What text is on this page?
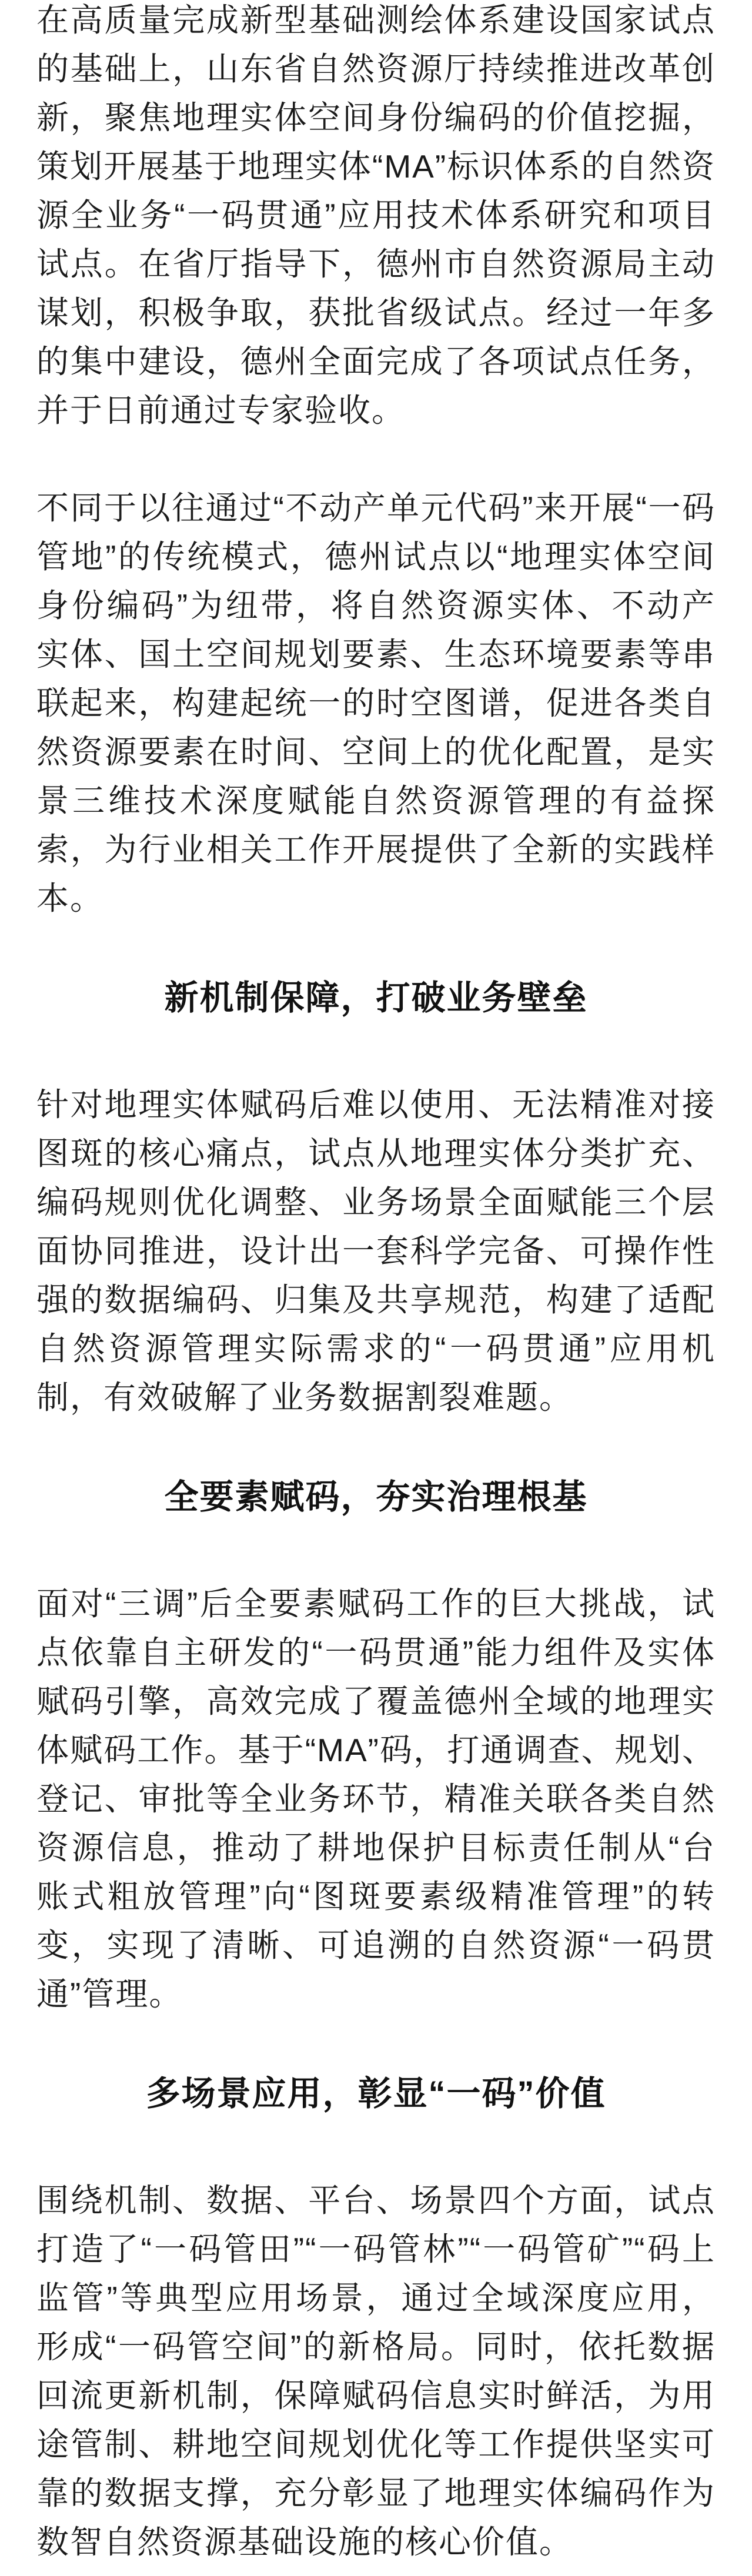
在高质量完成新型基础测绘体系建设国家试点的基础上，山东省自然资源厅持续推进改革创新，聚焦地理实体空间身份编码的价值挖掘，策划开展基于地理实体“MA”标识体系的自然资源全业务“一码贯通”应用技术体系研究和项目试点。在省厅指导下，德州市自然资源局主动谋划，积极争取，获批省级试点。经过一年多的集中建设，德州全面完成了各项试点任务，并于日前通过专家验收。

不同于以往通过“不动产单元代码”来开展“一码管地”的传统模式，德州试点以“地理实体空间身份编码”为纽带，将自然资源实体、不动产实体、国土空间规划要素、生态环境要素等串联起来，构建起统一的时空图谱，促进各类自然资源要素在时间、空间上的优化配置，是实景三维技术深度赋能自然资源管理的有益探索，为行业相关工作开展提供了全新的实践样本。

新机制保障，打破业务壁垒

针对地理实体赋码后难以使用、无法精准对接图斑的核心痛点，试点从地理实体分类扩充、编码规则优化调整、业务场景全面赋能三个层面协同推进，设计出一套科学完备、可操作性强的数据编码、归集及共享规范，构建了适配自然资源管理实际需求的“一码贯通”应用机制，有效破解了业务数据割裂难题。

全要素赋码，夯实治理根基

面对“三调”后全要素赋码工作的巨大挑战，试点依靠自主研发的“一码贯通”能力组件及实体赋码引擎，高效完成了覆盖德州全域的地理实体赋码工作。基于“MA”码，打通调查、规划、登记、审批等全业务环节，精准关联各类自然资源信息，推动了耕地保护目标责任制从“台账式粗放管理”向“图斑要素级精准管理”的转变，实现了清晰、可追溯的自然资源“一码贯通”管理。

多场景应用，彰显“一码”价值

围绕机制、数据、平台、场景四个方面，试点打造了“一码管田”“一码管林”“一码管矿”“码上监管”等典型应用场景，通过全域深度应用，形成“一码管空间”的新格局。同时，依托数据回流更新机制，保障赋码信息实时鲜活，为用途管制、耕地空间规划优化等工作提供坚实可靠的数据支撑，充分彰显了地理实体编码作为数智自然资源基础设施的核心价值。
